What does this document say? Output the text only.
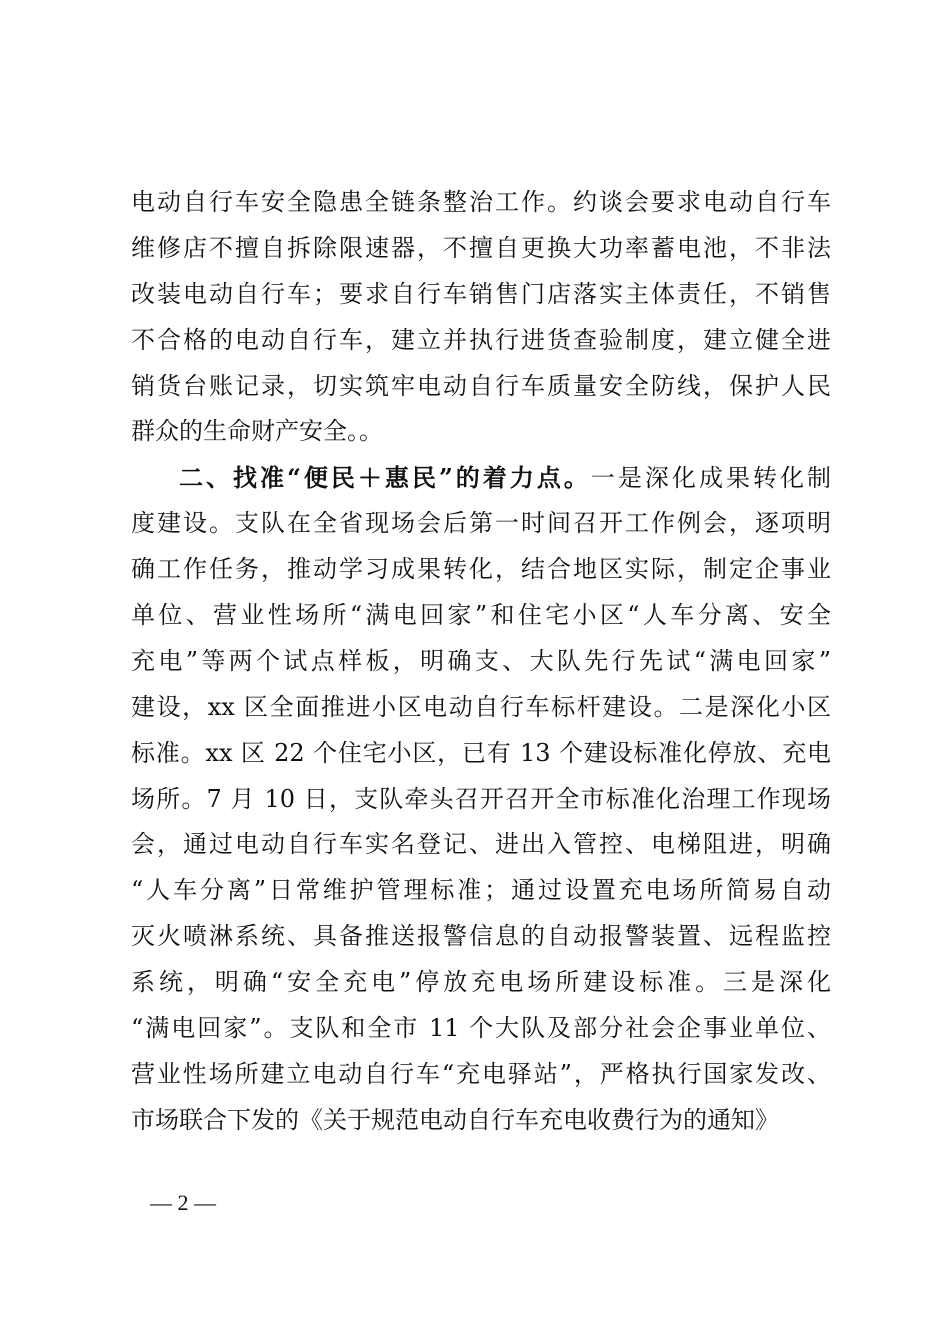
电动自行车安全隐患全链条整治工作。约谈会要求电动自行车
维修店不擅自拆除限速器，不擅自更换大功率蓄电池，不非法
改装电动自行车；要求自行车销售门店落实主体责任，不销售
不合格的电动自行车，建立并执行进货查验制度，建立健全进
销货台账记录，切实筑牢电动自行车质量安全防线，保护人民
群众的生命财产安全。。
二、找准“便民＋惠民”的着力点。一是深化成果转化制
度建设。支队在全省现场会后第一时间召开工作例会，逐项明
确工作任务，推动学习成果转化，结合地区实际，制定企事业
单位、营业性场所“满电回家”和住宅小区“人车分离、安全
充电”等两个试点样板，明确支、大队先行先试“满电回家”
建设，xx 区全面推进小区电动自行车标杆建设。二是深化小区
标准。xx 区 22 个住宅小区，已有 13 个建设标准化停放、充电
场所。7 月 10 日，支队牵头召开召开全市标准化治理工作现场
会，通过电动自行车实名登记、进出入管控、电梯阻进，明确
“人车分离”日常维护管理标准；通过设置充电场所简易自动
灭火喷淋系统、具备推送报警信息的自动报警装置、远程监控
系统，明确“安全充电”停放充电场所建设标准。三是深化
“满电回家”。支队和全市 11 个大队及部分社会企事业单位、
营业性场所建立电动自行车“充电驿站”，严格执行国家发改、
市场联合下发的《关于规范电动自行车充电收费行为的通知》
— 2 —
